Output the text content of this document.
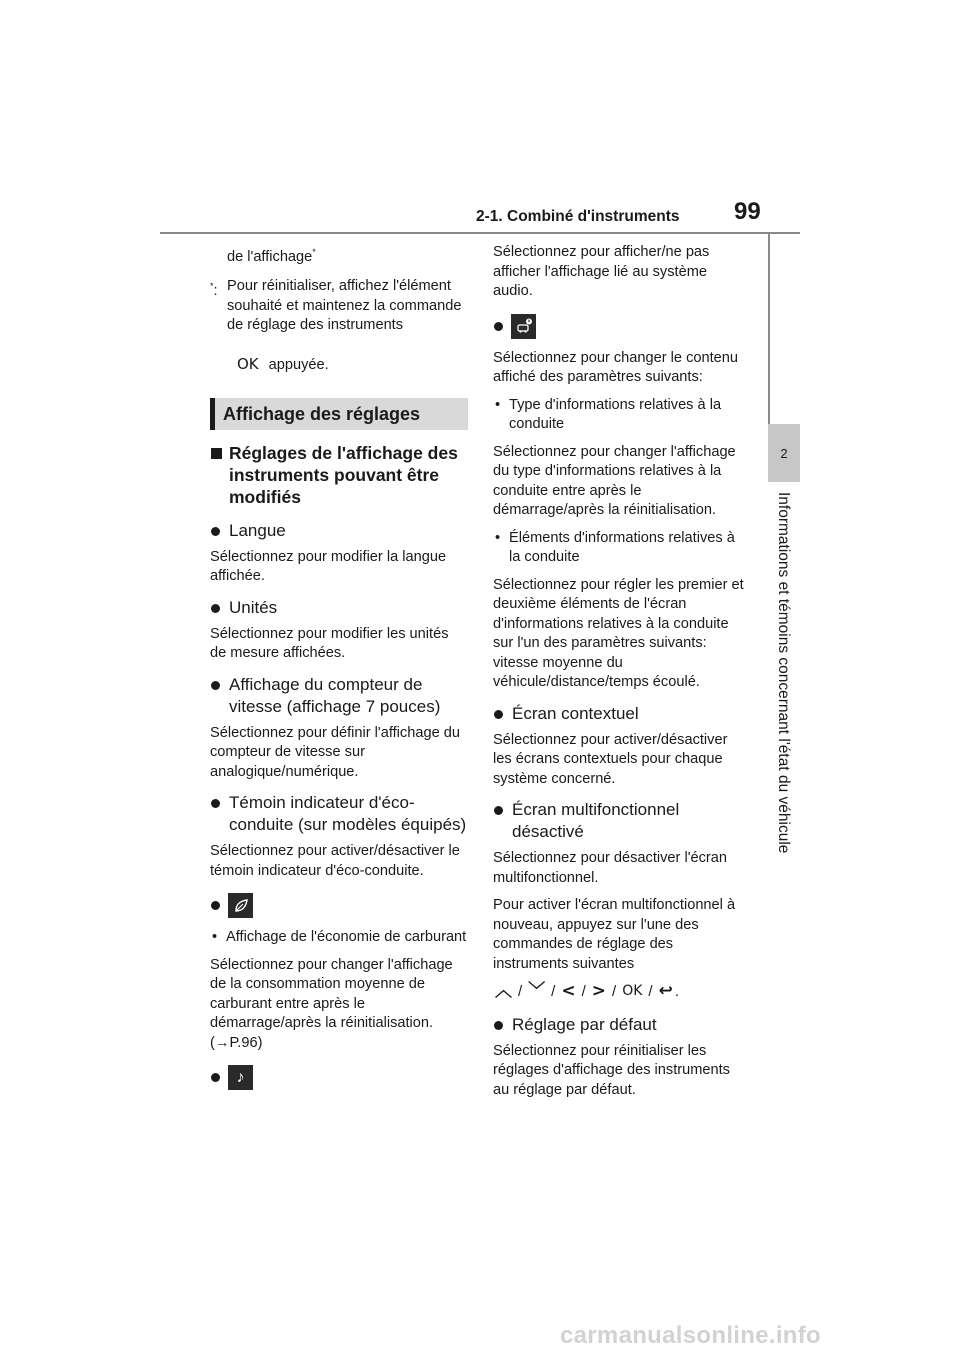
2-1. Combiné d'instruments 99
2
Informations et témoins concernant l'état du véhicule

de l'affichage*

*: Pour réinitialiser, affichez l'élément souhaité et maintenez la commande de réglage des instruments

OK appuyée.
Affichage des réglages
Réglages de l'affichage des instruments pouvant être modifiés
Langue

Sélectionnez pour modifier la langue affichée.

Unités

Sélectionnez pour modifier les unités de mesure affichées.

Affichage du compteur de vitesse (affichage 7 pouces)

Sélectionnez pour définir l'affichage du compteur de vitesse sur analogique/numérique.

Témoin indicateur d'éco-conduite (sur modèles équipés)

Sélectionnez pour activer/désactiver le témoin indicateur d'éco-conduite.

• Affichage de l'économie de carburant

Sélectionnez pour changer l'affichage de la consommation moyenne de carburant entre après le démarrage/après la réinitialisation. (→P.96)

♪

Sélectionnez pour afficher/ne pas afficher l'affichage lié au système audio.

Sélectionnez pour changer le contenu affiché des paramètres suivants:

• Type d'informations relatives à la conduite

Sélectionnez pour changer l'affichage du type d'informations relatives à la conduite entre après le démarrage/après la réinitialisation.

• Éléments d'informations relatives à la conduite

Sélectionnez pour régler les premier et deuxième éléments de l'écran d'informations relatives à la conduite sur l'un des paramètres suivants: vitesse moyenne du véhicule/distance/temps écoulé.

Écran contextuel

Sélectionnez pour activer/désactiver les écrans contextuels pour chaque système concerné.

Écran multifonctionnel désactivé

Sélectionnez pour désactiver l'écran multifonctionnel.

Pour activer l'écran multifonctionnel à nouveau, appuyez sur l'une des commandes de réglage des instruments suivantes

︿ / ﹀ / < / > / OK / ↩ .
Réglage par défaut

Sélectionnez pour réinitialiser les réglages d'affichage des instruments au réglage par défaut.

carmanualsonline.info
